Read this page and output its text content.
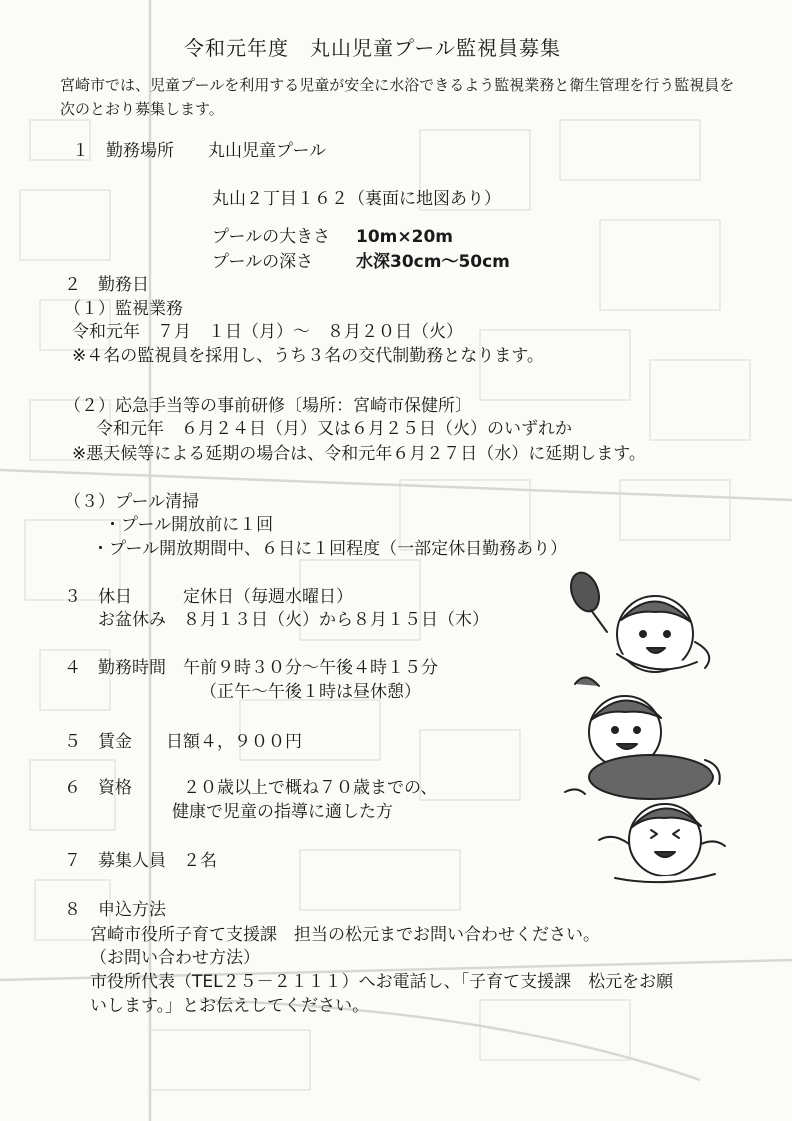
令和元年度　丸山児童プール監視員募集
宮崎市では、児童プールを利用する児童が安全に水浴できるよう監視業務と衛生管理を行う監視員を
次のとおり募集します。
１　勤務場所　　丸山児童プール
丸山２丁目１６２（裏面に地図あり）
プールの大きさ 10m×20m
プールの深さ	水深30cm～50cm
２　勤務日
（１）監視業務
令和元年　７月　１日（月）～　８月２０日（火）
※４名の監視員を採用し、うち３名の交代制勤務となります。
（２）応急手当等の事前研修〔場所：宮崎市保健所〕
令和元年　６月２４日（月）又は６月２５日（火）のいずれか
※悪天候等による延期の場合は、令和元年６月２７日（水）に延期します。
（３）プール清掃
・プール開放前に１回
・プール開放期間中、６日に１回程度（一部定休日勤務あり）
３　休日　　　定休日（毎週水曜日）
お盆休み　８月１３日（火）から８月１５日（木）
４　勤務時間　午前９時３０分～午後４時１５分
（正午～午後１時は昼休憩）
５　賃金　　日額４，９００円
６　資格　　　２０歳以上で概ね７０歳までの、
健康で児童の指導に適した方
７　募集人員　２名
８　申込方法
宮崎市役所子育て支援課　担当の松元までお問い合わせください。
（お問い合わせ方法）
市役所代表（TEL２５－２１１１）へお電話し、「子育て支援課　松元をお願
いします。」とお伝えしてください。
